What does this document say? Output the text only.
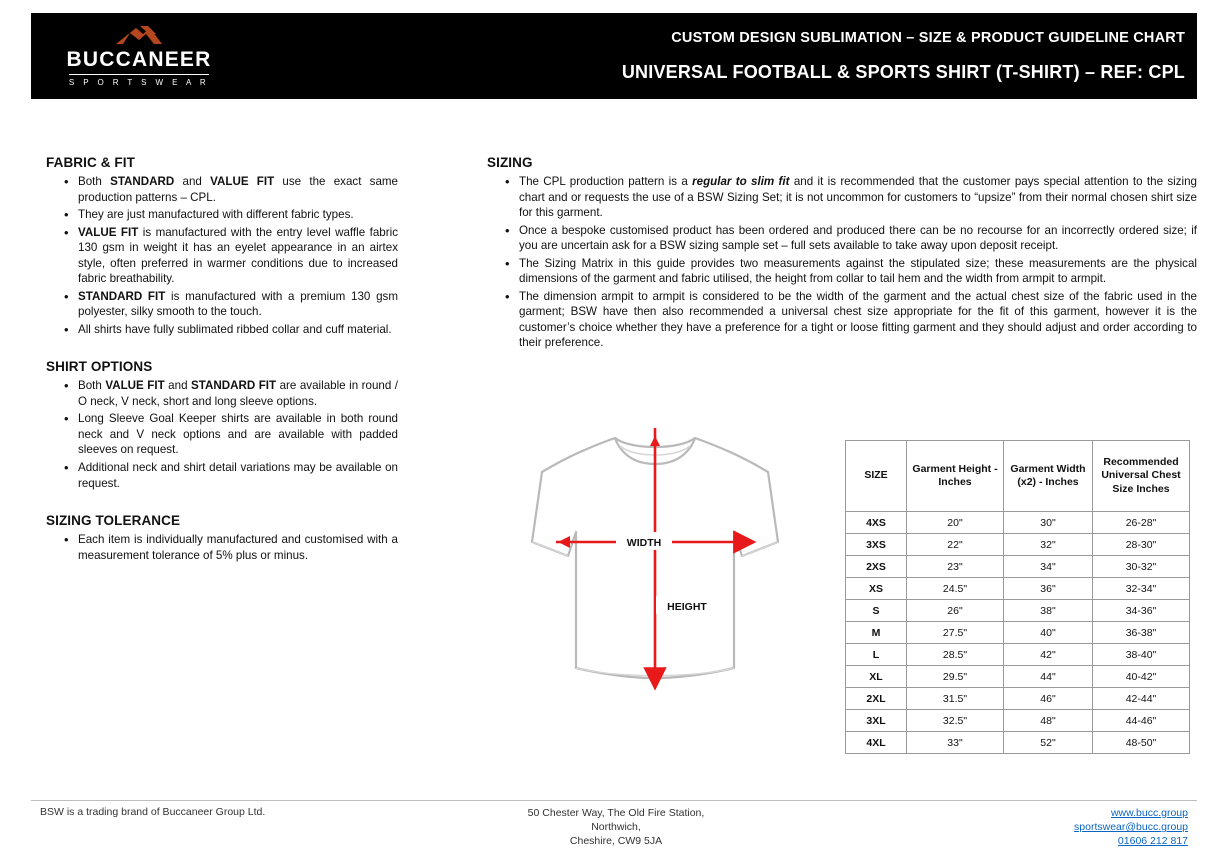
BUCCANEER
S P O R T S W E A R
CUSTOM DESIGN SUBLIMATION – SIZE & PRODUCT GUIDELINE CHART
UNIVERSAL FOOTBALL & SPORTS SHIRT (T-SHIRT) – REF: CPL
FABRIC & FIT
• Both STANDARD and VALUE FIT use the exact same production patterns – CPL.
• They are just manufactured with different fabric types.
• VALUE FIT is manufactured with the entry level waffle fabric 130 gsm in weight it has an eyelet appearance in an airtex style, often preferred in warmer conditions due to increased fabric breathability.
• STANDARD FIT is manufactured with a premium 130 gsm polyester, silky smooth to the touch.
• All shirts have fully sublimated ribbed collar and cuff material.
SHIRT OPTIONS
• Both VALUE FIT and STANDARD FIT are available in round / O neck, V neck, short and long sleeve options.
• Long Sleeve Goal Keeper shirts are available in both round neck and V neck options and are available with padded sleeves on request.
• Additional neck and shirt detail variations may be available on request.
SIZING TOLERANCE
• Each item is individually manufactured and customised with a measurement tolerance of 5% plus or minus.
SIZING
• The CPL production pattern is a regular to slim fit and it is recommended that the customer pays special attention to the sizing chart and or requests the use of a BSW Sizing Set; it is not uncommon for customers to “upsize” from their normal chosen shirt size for this garment.
• Once a bespoke customised product has been ordered and produced there can be no recourse for an incorrectly ordered size; if you are uncertain ask for a BSW sizing sample set – full sets available to take away upon deposit receipt.
• The Sizing Matrix in this guide provides two measurements against the stipulated size; these measurements are the physical dimensions of the garment and fabric utilised, the height from collar to tail hem and the width from armpit to armpit.
• The dimension armpit to armpit is considered to be the width of the garment and the actual chest size of the fabric used in the garment; BSW have then also recommended a universal chest size appropriate for the fit of this garment, however it is the customer’s choice whether they have a preference for a tight or loose fitting garment and they should adjust and order according to their preference.
WIDTH
HEIGHT
SIZE	Garment Height - Inches	Garment Width (x2) - Inches	Recommended Universal Chest Size Inches
4XS	20"	30"	26-28"
3XS	22"	32"	28-30"
2XS	23"	34"	30-32"
XS	24.5"	36"	32-34"
S	26"	38"	34-36"
M	27.5"	40"	36-38"
L	28.5"	42"	38-40"
XL	29.5"	44"	40-42"
2XL	31.5"	46"	42-44"
3XL	32.5"	48"	44-46"
4XL	33"	52"	48-50"
BSW is a trading brand of Buccaneer Group Ltd.	50 Chester Way, The Old Fire Station,
Northwich,
Cheshire, CW9 5JA
www.bucc.group
sportswear@bucc.group
01606 212 817
